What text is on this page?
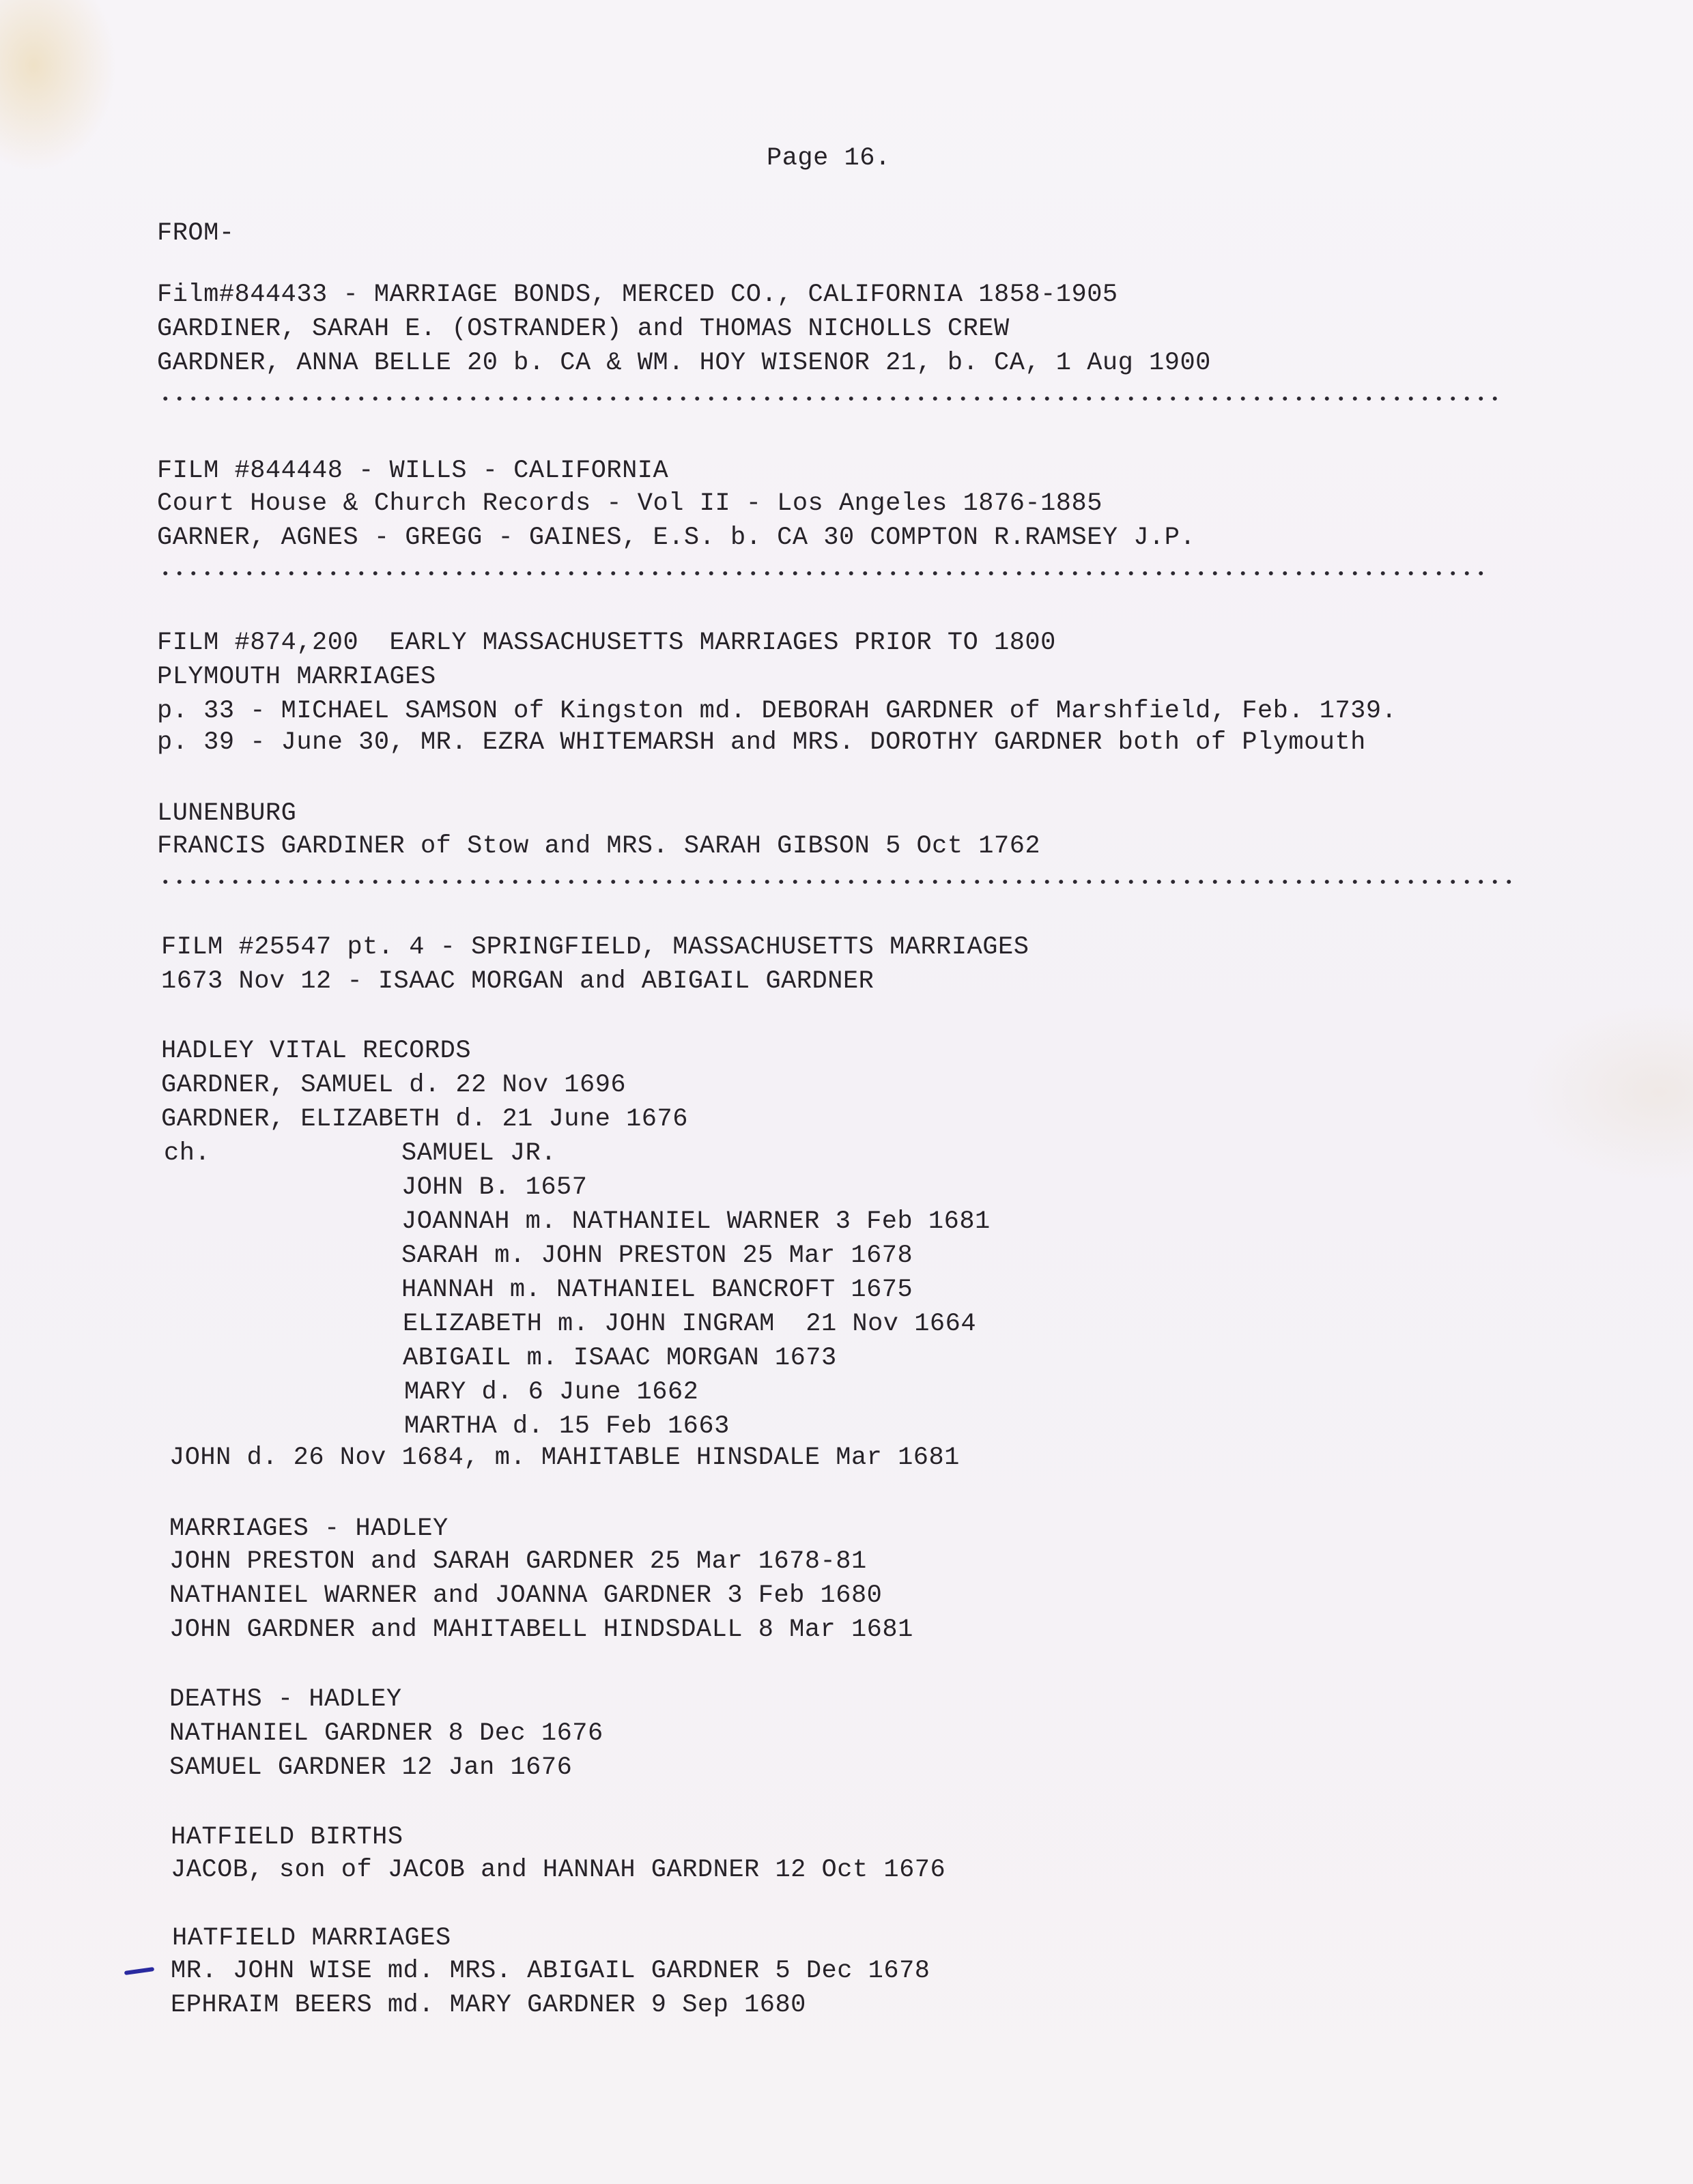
Page 16.
FROM-
Film#844433 - MARRIAGE BONDS, MERCED CO., CALIFORNIA 1858-1905
GARDINER, SARAH E. (OSTRANDER) and THOMAS NICHOLLS CREW
GARDNER, ANNA BELLE 20 b. CA & WM. HOY WISENOR 21, b. CA, 1 Aug 1900
FILM #844448 - WILLS - CALIFORNIA
Court House & Church Records - Vol II - Los Angeles 1876-1885
GARNER, AGNES - GREGG - GAINES, E.S. b. CA 30 COMPTON R.RAMSEY J.P.
FILM #874,200  EARLY MASSACHUSETTS MARRIAGES PRIOR TO 1800
PLYMOUTH MARRIAGES
p. 33 - MICHAEL SAMSON of Kingston md. DEBORAH GARDNER of Marshfield, Feb. 1739.
p. 39 - June 30, MR. EZRA WHITEMARSH and MRS. DOROTHY GARDNER both of Plymouth
LUNENBURG
FRANCIS GARDINER of Stow and MRS. SARAH GIBSON 5 Oct 1762
FILM #25547 pt. 4 - SPRINGFIELD, MASSACHUSETTS MARRIAGES
1673 Nov 12 - ISAAC MORGAN and ABIGAIL GARDNER
HADLEY VITAL RECORDS
GARDNER, SAMUEL d. 22 Nov 1696
GARDNER, ELIZABETH d. 21 June 1676
ch.	SAMUEL JR.
JOHN B. 1657
JOANNAH m. NATHANIEL WARNER 3 Feb 1681
SARAH m. JOHN PRESTON 25 Mar 1678
HANNAH m. NATHANIEL BANCROFT 1675
ELIZABETH m. JOHN INGRAM  21 Nov 1664
ABIGAIL m. ISAAC MORGAN 1673
MARY d. 6 June 1662
MARTHA d. 15 Feb 1663
JOHN d. 26 Nov 1684, m. MAHITABLE HINSDALE Mar 1681
MARRIAGES - HADLEY
JOHN PRESTON and SARAH GARDNER 25 Mar 1678-81
NATHANIEL WARNER and JOANNA GARDNER 3 Feb 1680
JOHN GARDNER and MAHITABELL HINDSDALL 8 Mar 1681
DEATHS - HADLEY
NATHANIEL GARDNER 8 Dec 1676
SAMUEL GARDNER 12 Jan 1676
HATFIELD BIRTHS
JACOB, son of JACOB and HANNAH GARDNER 12 Oct 1676
HATFIELD MARRIAGES
MR. JOHN WISE md. MRS. ABIGAIL GARDNER 5 Dec 1678
EPHRAIM BEERS md. MARY GARDNER 9 Sep 1680
